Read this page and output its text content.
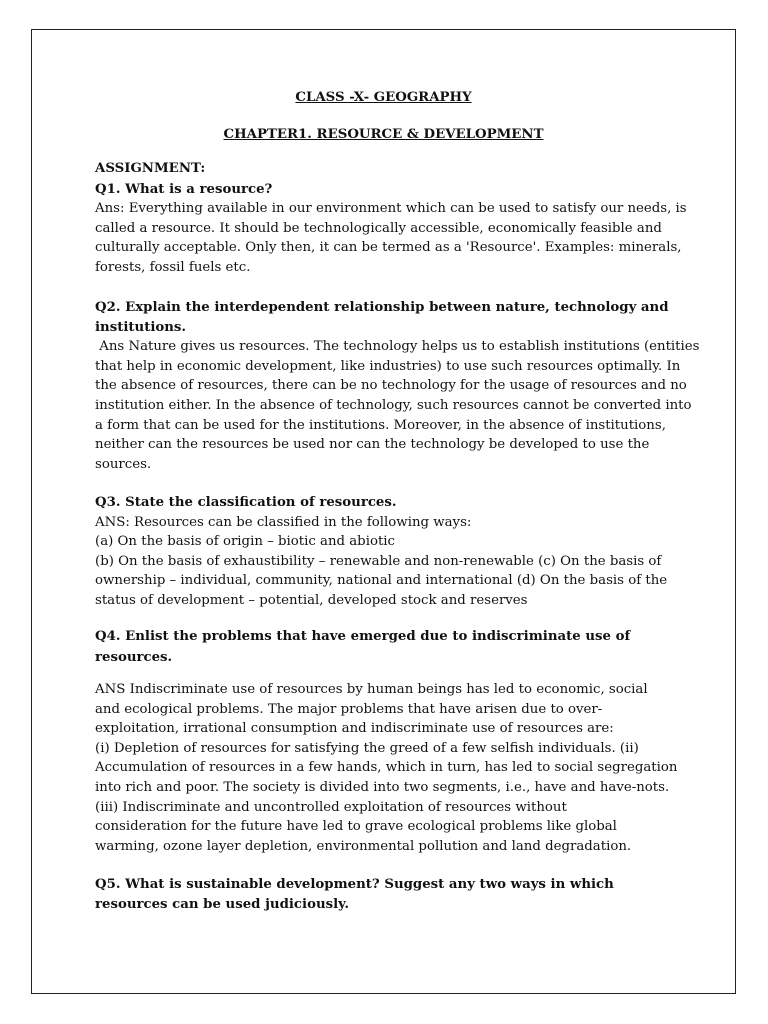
CLASS -X- GEOGRAPHY
CHAPTER1. RESOURCE & DEVELOPMENT
ASSIGNMENT:
Q1. What is a resource?
Ans: Everything available in our environment which can be used to satisfy our needs, is
called a resource. It should be technologically accessible, economically feasible and
culturally acceptable. Only then, it can be termed as a 'Resource'. Examples: minerals,
forests, fossil fuels etc.
Q2. Explain the interdependent relationship between nature, technology and
institutions.
Ans Nature gives us resources. The technology helps us to establish institutions (entities
that help in economic development, like industries) to use such resources optimally. In
the absence of resources, there can be no technology for the usage of resources and no
institution either. In the absence of technology, such resources cannot be converted into
a form that can be used for the institutions. Moreover, in the absence of institutions,
neither can the resources be used nor can the technology be developed to use the
sources.
Q3. State the classification of resources.
ANS: Resources can be classified in the following ways:
(a) On the basis of origin – biotic and abiotic
(b) On the basis of exhaustibility – renewable and non-renewable (c) On the basis of
ownership – individual, community, national and international (d) On the basis of the
status of development – potential, developed stock and reserves
Q4. Enlist the problems that have emerged due to indiscriminate use of
resources.
ANS Indiscriminate use of resources by human beings has led to economic, social
and ecological problems. The major problems that have arisen due to over-
exploitation, irrational consumption and indiscriminate use of resources are:
(i) Depletion of resources for satisfying the greed of a few selfish individuals. (ii)
Accumulation of resources in a few hands, which in turn, has led to social segregation
into rich and poor. The society is divided into two segments, i.e., have and have-nots.
(iii) Indiscriminate and uncontrolled exploitation of resources without
consideration for the future have led to grave ecological problems like global
warming, ozone layer depletion, environmental pollution and land degradation.
Q5. What is sustainable development? Suggest any two ways in which
resources can be used judiciously.
